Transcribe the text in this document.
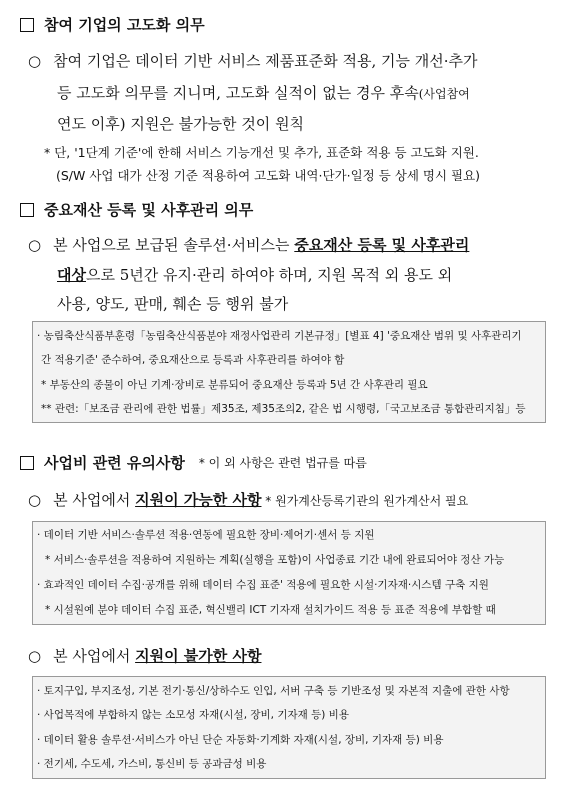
참여 기업의 고도화 의무
○ 참여 기업은 데이터 기반 서비스 제품표준화 적용, 기능 개선·추가
등 고도화 의무를 지니며, 고도화 실적이 없는 경우 후속(사업참여
연도 이후) 지원은 불가능한 것이 원칙
* 단, '1단계 기준'에 한해 서비스 기능개선 및 추가, 표준화 적용 등 고도화 지원.
(S/W 사업 대가 산정 기준 적용하여 고도화 내역·단가·일정 등 상세 명시 필요)
중요재산 등록 및 사후관리 의무
○ 본 사업으로 보급된 솔루션·서비스는 중요재산 등록 및 사후관리
대상으로 5년간 유지·관리 하여야 하며, 지원 목적 외 용도 외
사용, 양도, 판매, 훼손 등 행위 불가
· 농림축산식품부훈령「농림축산식품분야 재정사업관리 기본규정」[별표 4] '중요재산 범위 및 사후관리기
간 적용기준' 준수하여, 중요재산으로 등록과 사후관리를 하여야 함
* 부동산의 종물이 아닌 기계·장비로 분류되어 중요재산 등록과 5년 간 사후관리 필요
** 관련:「보조금 관리에 관한 법률」제35조, 제35조의2, 같은 법 시행령,「국고보조금 통합관리지침」등
사업비 관련 유의사항 * 이 외 사항은 관련 법규를 따름
○ 본 사업에서 지원이 가능한 사항 * 원가계산등록기관의 원가계산서 필요
· 데이터 기반 서비스·솔루션 적용·연동에 필요한 장비·제어기·센서 등 지원
* 서비스·솔루션을 적용하여 지원하는 계획(실행을 포함)이 사업종료 기간 내에 완료되어야 정산 가능
· 효과적인 데이터 수집·공개를 위해 데이터 수집 표준' 적용에 필요한 시설·기자재·시스템 구축 지원
* 시설원예 분야 데이터 수집 표준, 혁신밸리 ICT 기자재 설치가이드 적용 등 표준 적용에 부합할 때
○ 본 사업에서 지원이 불가한 사항
· 토지구입, 부지조성, 기본 전기·통신/상하수도 인입, 서버 구축 등 기반조성 및 자본적 지출에 관한 사항
· 사업목적에 부합하지 않는 소모성 자재(시설, 장비, 기자재 등) 비용
· 데이터 활용 솔루션·서비스가 아닌 단순 자동화·기계화 자재(시설, 장비, 기자재 등) 비용
· 전기세, 수도세, 가스비, 통신비 등 공과금성 비용
